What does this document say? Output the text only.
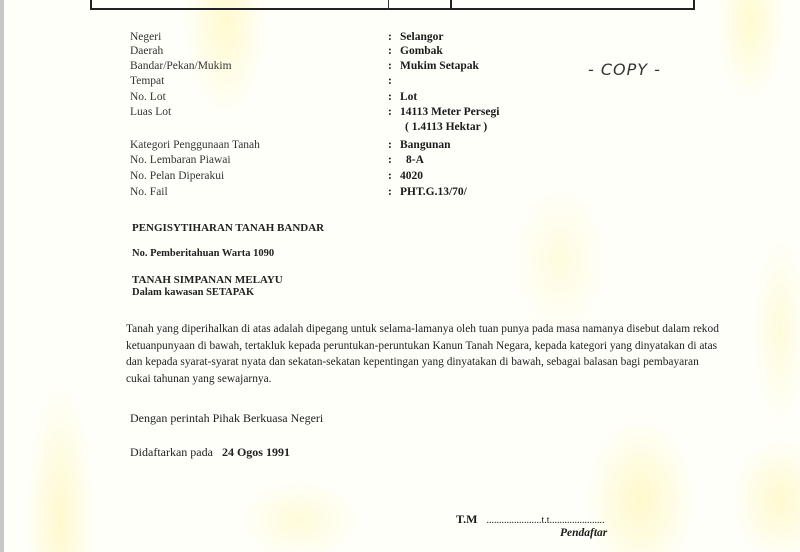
- COPY -
Negeri	: Selangor
Daerah	: Gombak
Bandar/Pekan/Mukim	: Mukim Setapak
Tempat	:
No. Lot	: Lot
Luas Lot	: 14113 Meter Persegi
( 1.4113 Hektar )
Kategori Penggunaan Tanah	: Bangunan
No. Lembaran Piawai	: 8-A
No. Pelan Diperakui	: 4020
No. Fail	: PHT.G.13/70/
PENGISYTIHARAN TANAH BANDAR
No. Pemberitahuan Warta 1090
TANAH SIMPANAN MELAYU
Dalam kawasan SETAPAK
Tanah yang diperihalkan di atas adalah dipegang untuk selama-lamanya oleh tuan punya pada masa namanya disebut dalam rekod ketuanpunyaan di bawah, tertakluk kepada peruntukan-peruntukan Kanun Tanah Negara, kepada kategori yang dinyatakan di atas dan kepada syarat-syarat nyata dan sekatan-sekatan kepentingan yang dinyatakan di bawah, sebagai balasan bagi pembayaran cukai tahunan yang sewajarnya.
Dengan perintah Pihak Berkuasa Negeri
Didaftarkan pada 24 Ogos 1991
T.M ......................t.t......................
Pendaftar
